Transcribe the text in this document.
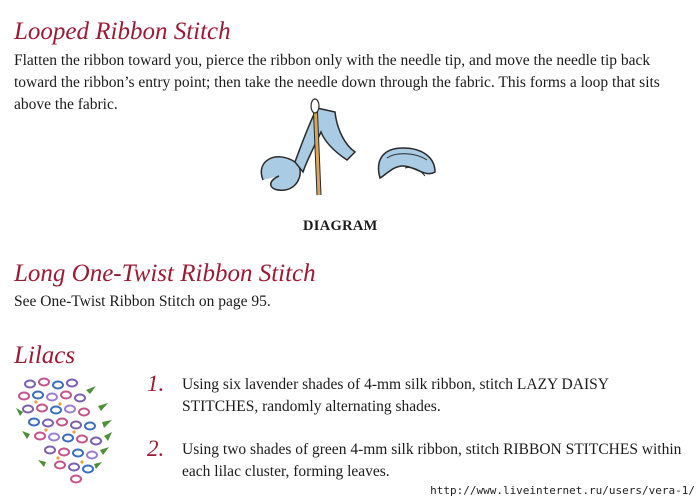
Looped Ribbon Stitch

Flatten the ribbon toward you, pierce the ribbon only with the needle tip, and move the needle tip back toward the ribbon’s entry point; then take the needle down through the fabric. This forms a loop that sits above the fabric.

DIAGRAM
Long One-Twist Ribbon Stitch

See One-Twist Ribbon Stitch on page 95.

Lilacs
1. Using six lavender shades of 4-mm silk ribbon, stitch LAZY DAISY STITCHES, randomly alternating shades.

2. Using two shades of green 4-mm silk ribbon, stitch RIBBON STITCHES within each lilac cluster, forming leaves.

http://www.liveinternet.ru/users/vera-1/
